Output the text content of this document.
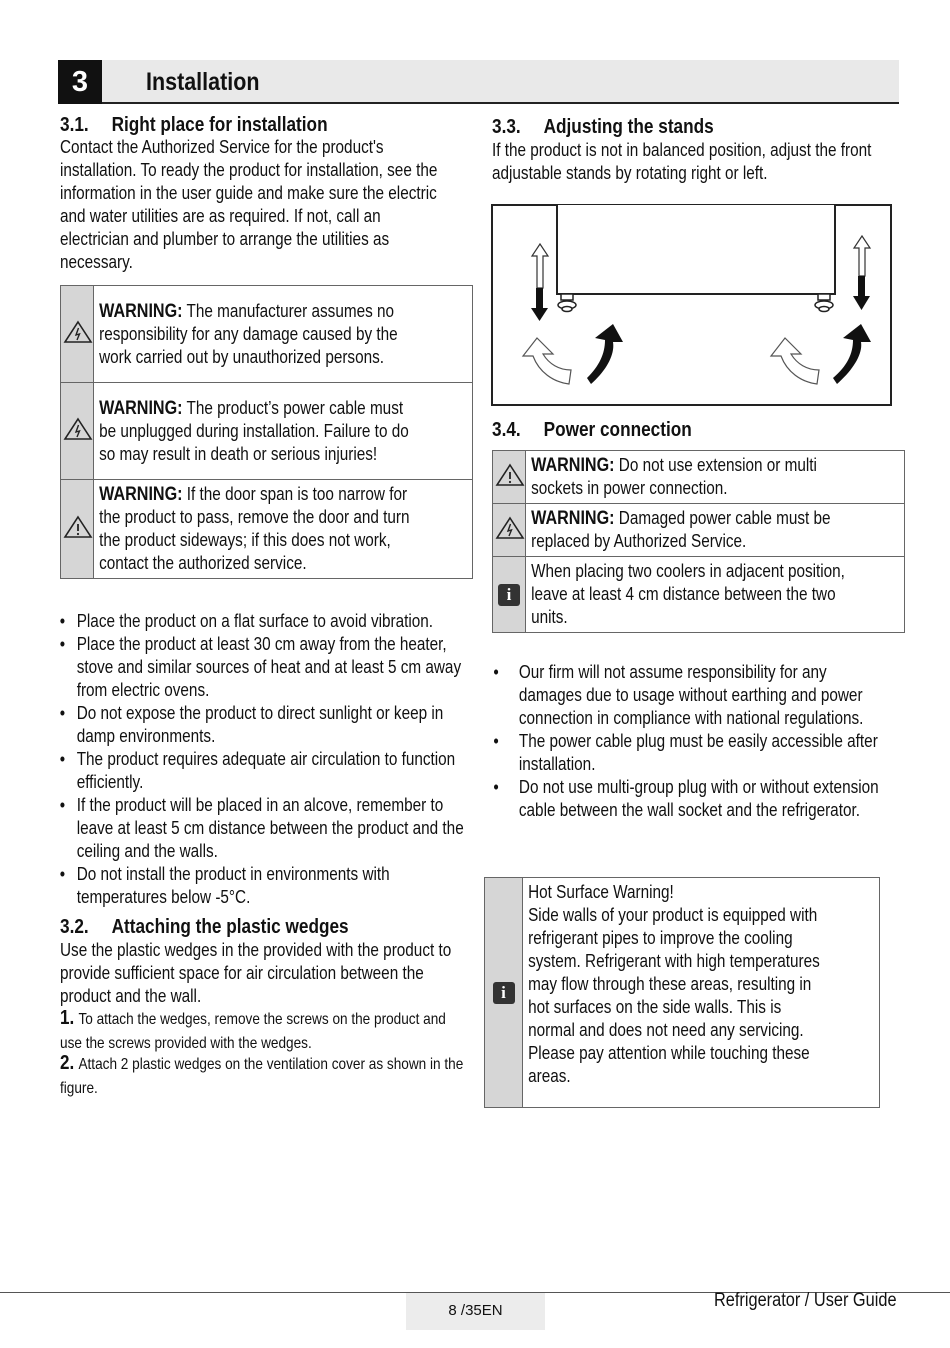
3	Installation
3.1. Right place for installation
Contact the Authorized Service for the product's installation. To ready the product for installation, see the information in the user guide and make sure the electric and water utilities are as required. If not, call an electrician and plumber to arrange the utilities as necessary.

WARNING: The manufacturer assumes no responsibility for any damage caused by the work carried out by unauthorized persons.

WARNING: The product’s power cable must be unplugged during installation. Failure to do so may result in death or serious injuries!

WARNING: If the door span is too narrow for the product to pass, remove the door and turn the product sideways; if this does not work, contact the authorized service.
• Place the product on a flat surface to avoid vibration.
• Place the product at least 30 cm away from the heater, stove and similar sources of heat and at least 5 cm away from electric ovens.
• Do not expose the product to direct sunlight or keep in damp environments.
• The product requires adequate air circulation to function efficiently.
• If the product will be placed in an alcove, remember to leave at least 5 cm distance between the product and the ceiling and the walls.
• Do not install the product in environments with temperatures below -5°C.
3.2. Attaching the plastic wedges
Use the plastic wedges in the provided with the product to provide sufficient space for air circulation between the product and the wall.
1. To attach the wedges, remove the screws on the product and use the screws provided with the wedges.
2. Attach 2 plastic wedges on the ventilation cover as shown in the figure.
3.3. Adjusting the stands
If the product is not in balanced position, adjust the front adjustable stands by rotating right or left.
3.4. Power connection

WARNING: Do not use extension or multi sockets in power connection.

WARNING: Damaged power cable must be replaced by Authorized Service.

i	When placing two coolers in adjacent position, leave at least 4 cm distance between the two units.
• Our firm will not assume responsibility for any damages due to usage without earthing and power connection in compliance with national regulations.
• The power cable plug must be easily accessible after installation.
• Do not use multi-group plug with or without extension cable between the wall socket and the refrigerator.
i	
Hot Surface Warning!
Side walls of your product is equipped with refrigerant pipes to improve the cooling system. Refrigerant with high temperatures may flow through these areas, resulting in hot surfaces on the side walls. This is normal and does not need any servicing. Please pay attention while touching these areas.
8 /35EN	Refrigerator / User Guide
